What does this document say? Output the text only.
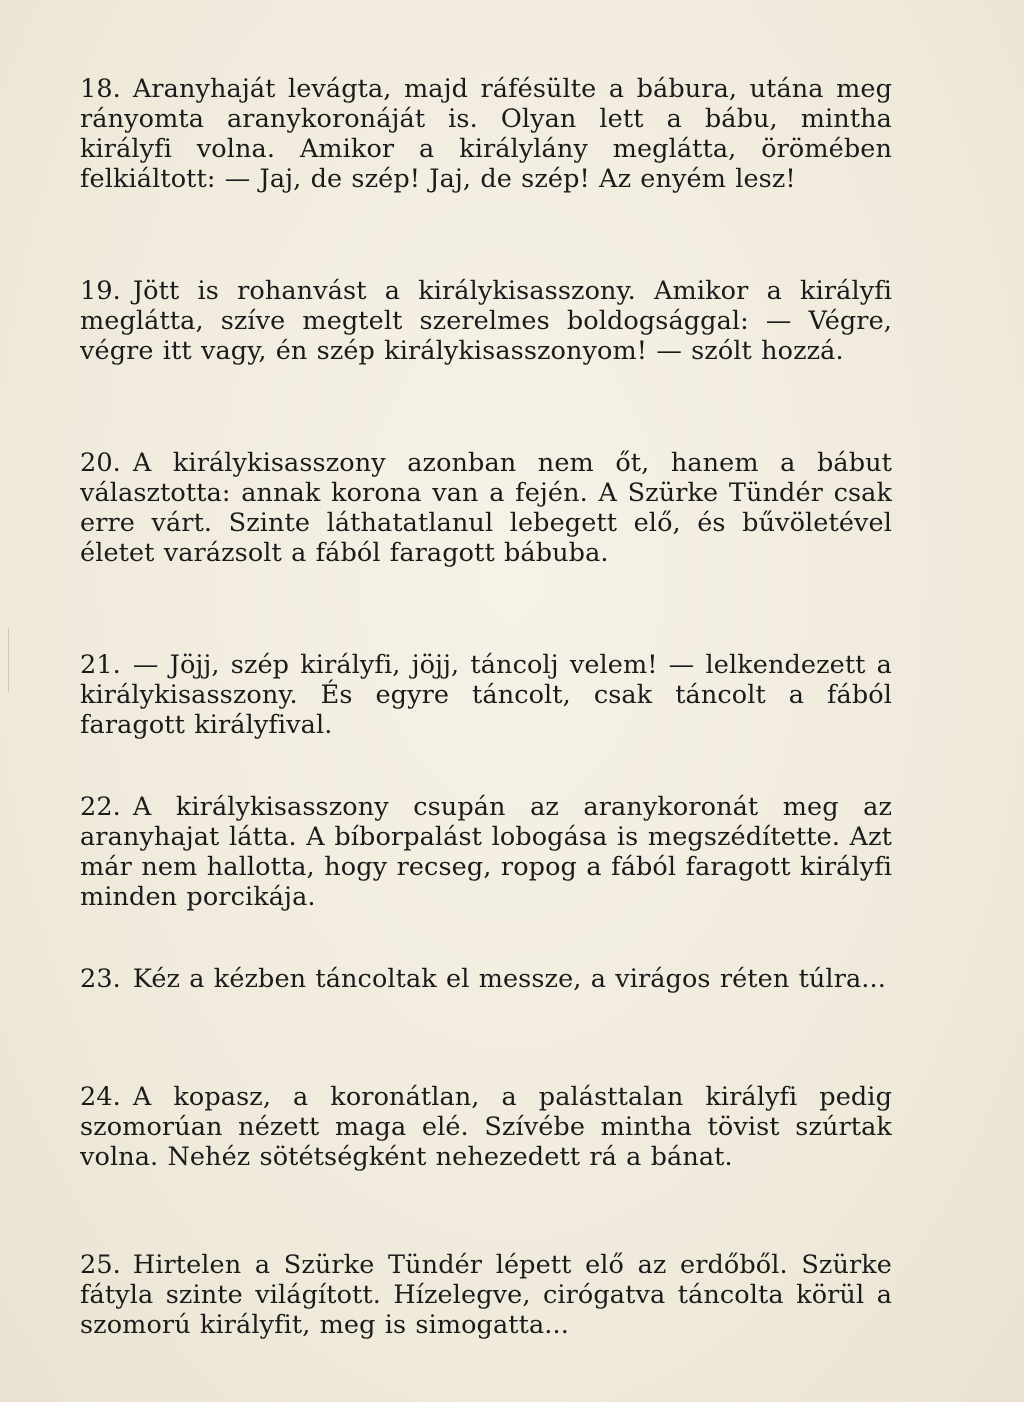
18. Aranyhaját levágta, majd ráfésülte a bábura, utána meg rányomta aranykoronáját is. Olyan lett a bábu, mintha királyfi volna. Amikor a királylány meglátta, örömében felkiáltott: — Jaj, de szép! Jaj, de szép! Az enyém lesz!

19. Jött is rohanvást a királykisasszony. Amikor a királyfi meglátta, szíve megtelt szerelmes boldogsággal: — Végre, végre itt vagy, én szép királykisasszonyom! — szólt hozzá.

20. A királykisasszony azonban nem őt, hanem a bábut választotta: annak korona van a fején. A Szürke Tündér csak erre várt. Szinte láthatatlanul lebegett elő, és bűvöletével életet varázsolt a fából faragott bábuba.

21. — Jöjj, szép királyfi, jöjj, táncolj velem! — lelkendezett a királykisasszony. És egyre táncolt, csak táncolt a fából faragott királyfival.

22. A királykisasszony csupán az aranykoronát meg az aranyhajat látta. A bíborpalást lobogása is megszédítette. Azt már nem hallotta, hogy recseg, ropog a fából faragott királyfi minden porcikája.

23. Kéz a kézben táncoltak el messze, a virágos réten túlra...

24. A kopasz, a koronátlan, a palásttalan királyfi pedig szomorúan nézett maga elé. Szívébe mintha tövist szúrtak volna. Nehéz sötétségként nehezedett rá a bánat.

25. Hirtelen a Szürke Tündér lépett elő az erdőből. Szürke fátyla szinte világított. Hízelegve, cirógatva táncolta körül a szomorú királyfit, meg is simogatta...
